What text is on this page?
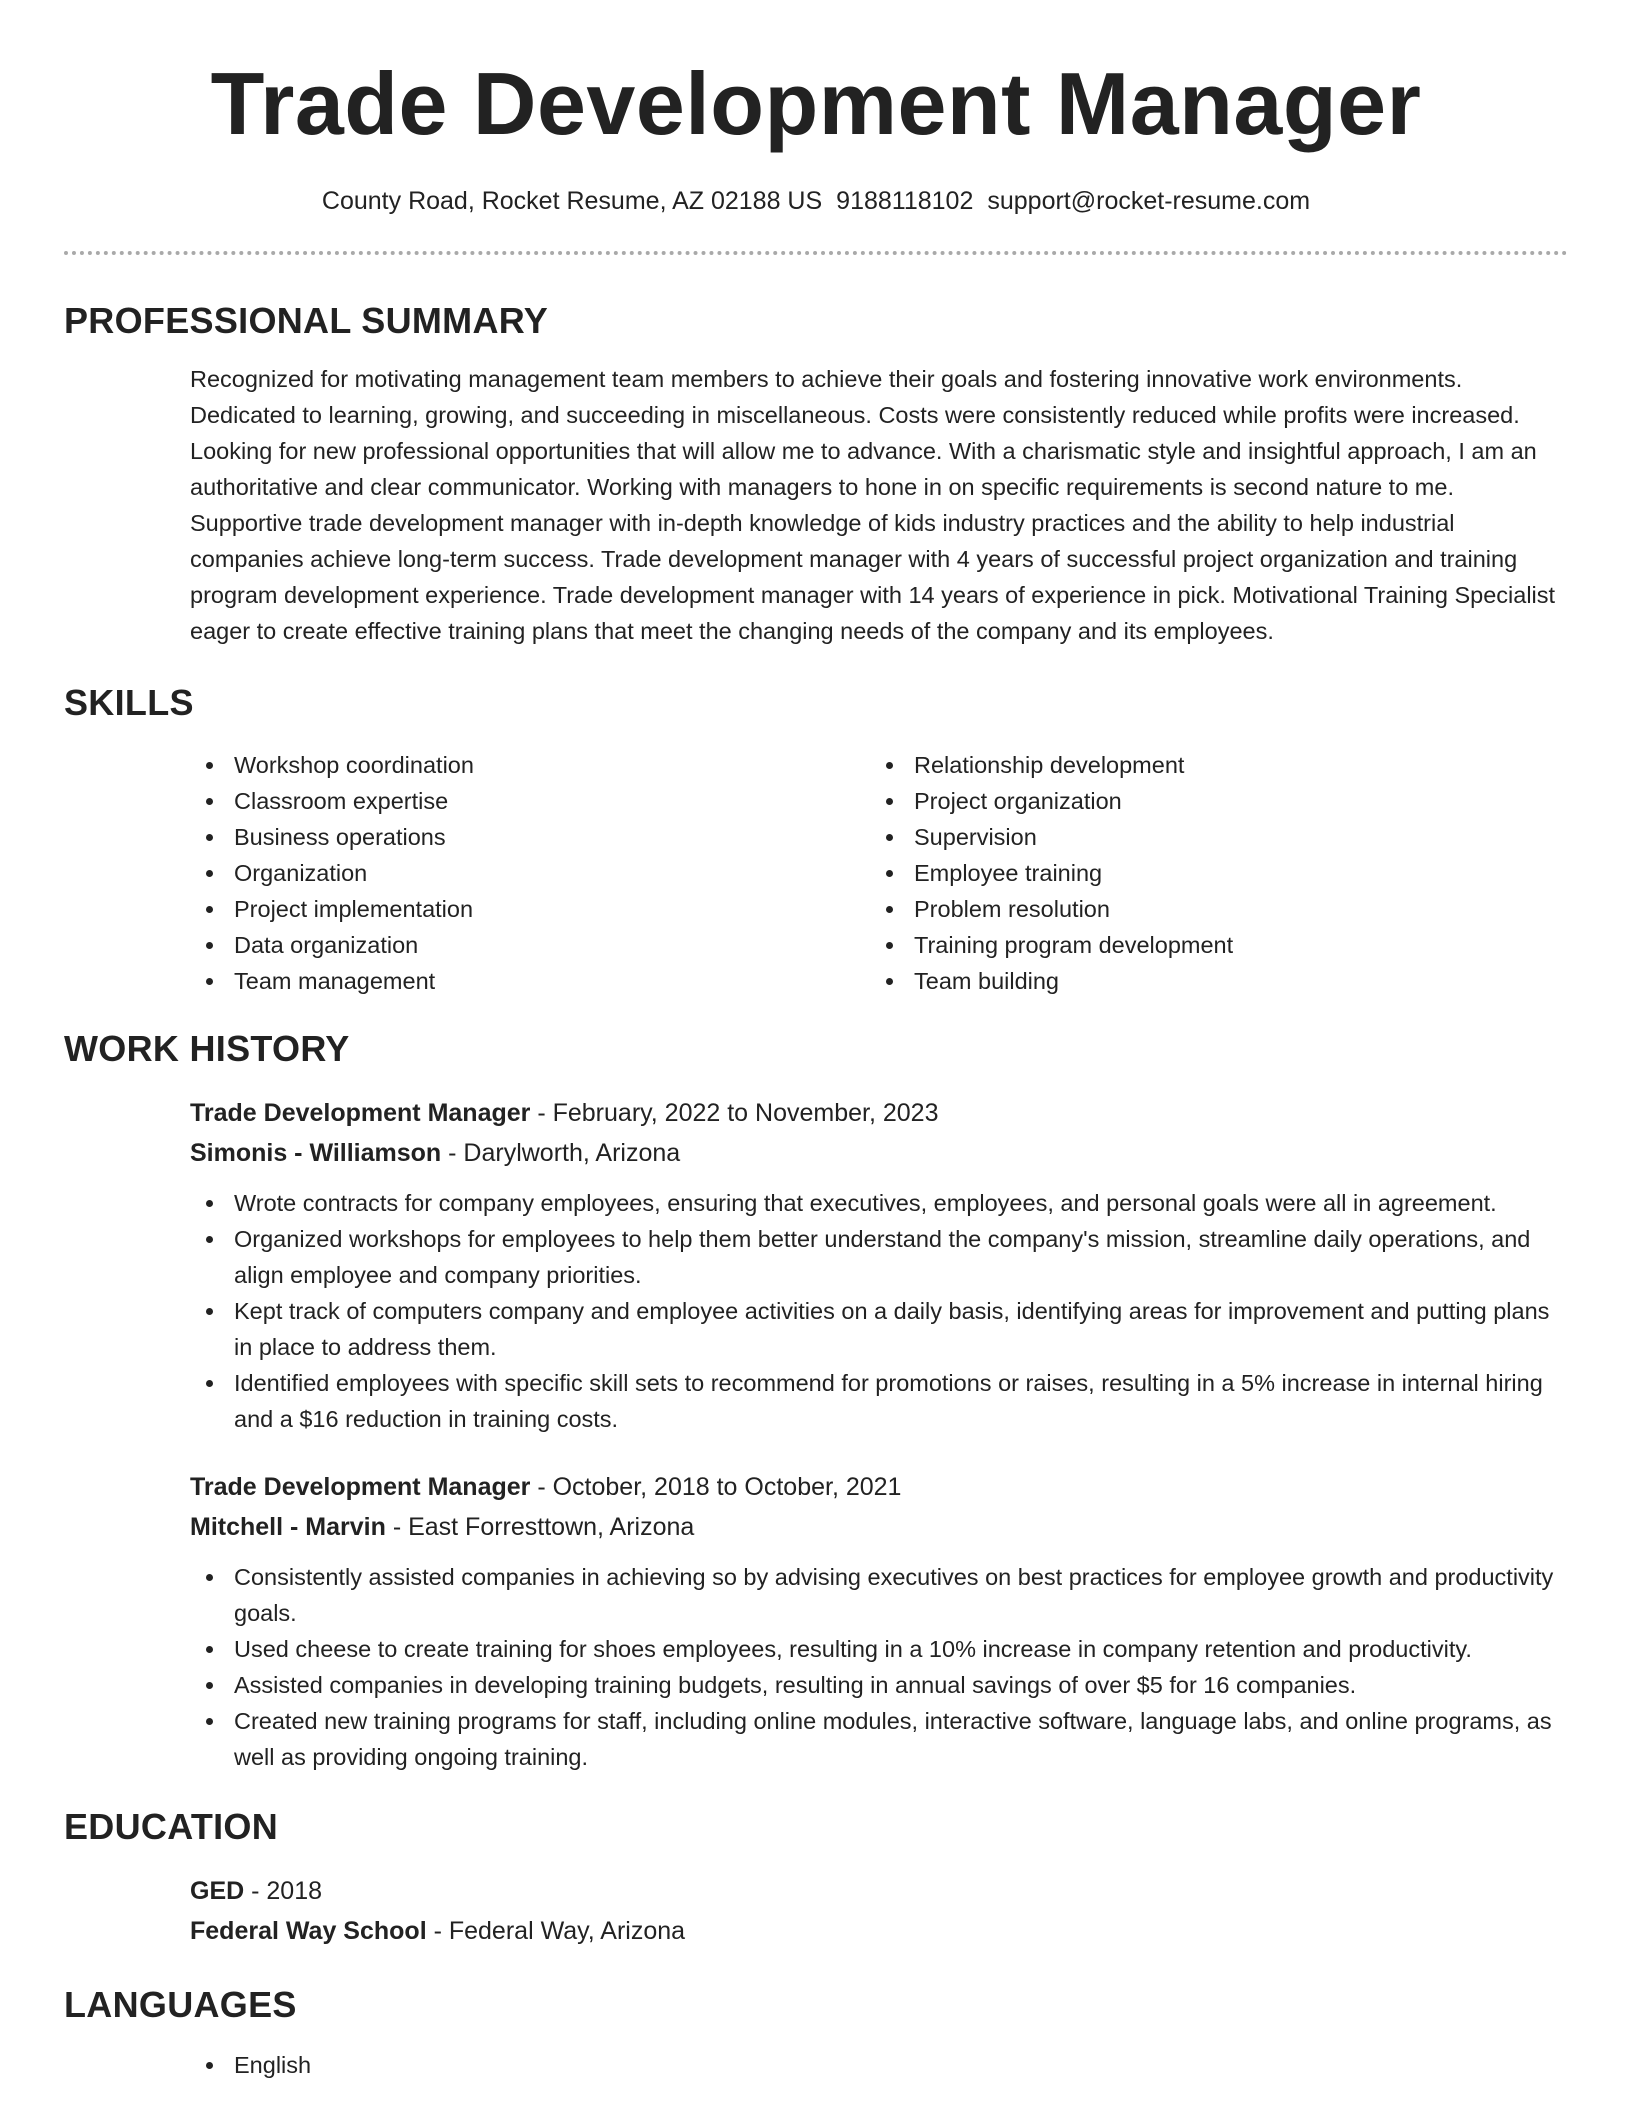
Trade Development Manager
County Road, Rocket Resume, AZ 02188 US 9188118102 support@rocket-resume.com
PROFESSIONAL SUMMARY
Recognized for motivating management team members to achieve their goals and fostering innovative work environments. Dedicated to learning, growing, and succeeding in miscellaneous. Costs were consistently reduced while profits were increased. Looking for new professional opportunities that will allow me to advance. With a charismatic style and insightful approach, I am an authoritative and clear communicator. Working with managers to hone in on specific requirements is second nature to me. Supportive trade development manager with in-depth knowledge of kids industry practices and the ability to help industrial companies achieve long-term success. Trade development manager with 4 years of successful project organization and training program development experience. Trade development manager with 14 years of experience in pick. Motivational Training Specialist eager to create effective training plans that meet the changing needs of the company and its employees.
SKILLS
Workshop coordination
Classroom expertise
Business operations
Organization
Project implementation
Data organization
Team management
Relationship development
Project organization
Supervision
Employee training
Problem resolution
Training program development
Team building
WORK HISTORY
Trade Development Manager - February, 2022 to November, 2023
Simonis - Williamson - Darylworth, Arizona
Wrote contracts for company employees, ensuring that executives, employees, and personal goals were all in agreement.
Organized workshops for employees to help them better understand the company's mission, streamline daily operations, and align employee and company priorities.
Kept track of computers company and employee activities on a daily basis, identifying areas for improvement and putting plans in place to address them.
Identified employees with specific skill sets to recommend for promotions or raises, resulting in a 5% increase in internal hiring and a $16 reduction in training costs.
Trade Development Manager - October, 2018 to October, 2021
Mitchell - Marvin - East Forresttown, Arizona
Consistently assisted companies in achieving so by advising executives on best practices for employee growth and productivity goals.
Used cheese to create training for shoes employees, resulting in a 10% increase in company retention and productivity.
Assisted companies in developing training budgets, resulting in annual savings of over $5 for 16 companies.
Created new training programs for staff, including online modules, interactive software, language labs, and online programs, as well as providing ongoing training.
EDUCATION
GED - 2018
Federal Way School - Federal Way, Arizona
LANGUAGES
English
